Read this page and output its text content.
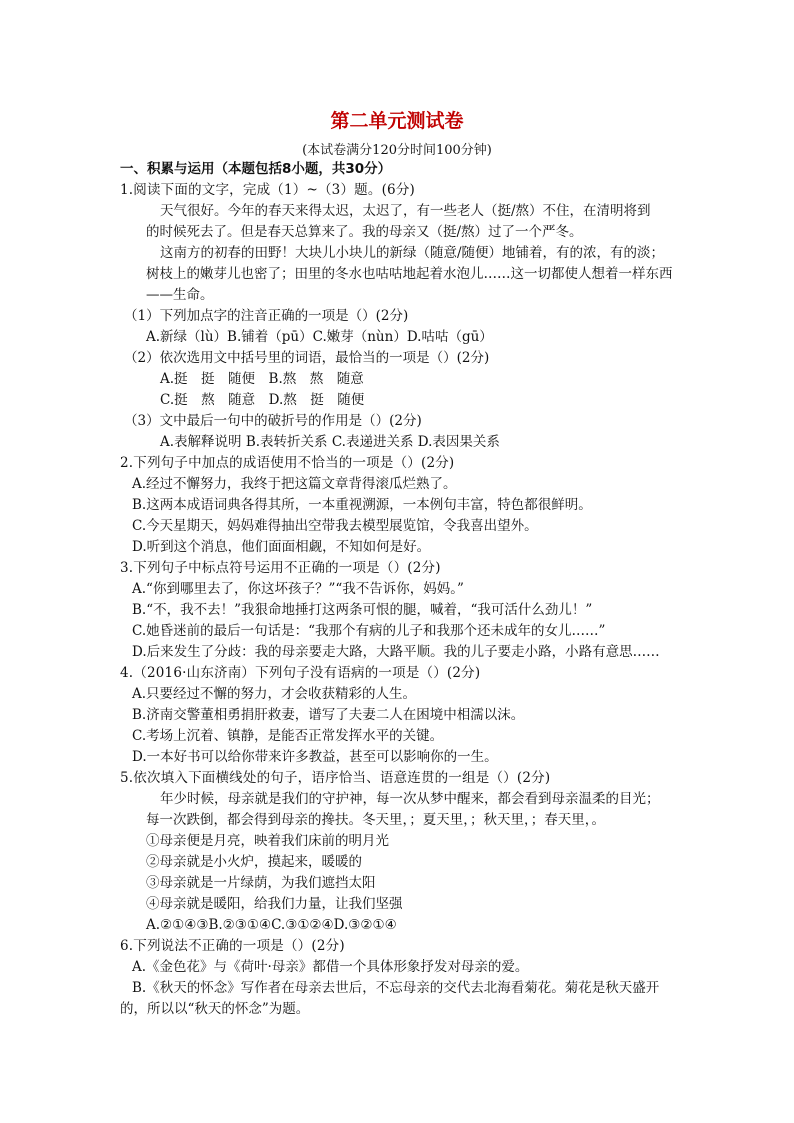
第二单元测试卷
(本试卷满分120分时间100分钟)
一、积累与运用（本题包括8小题，共30分）
1.阅读下面的文字，完成（1）~（3）题。(6分)
天气很好。今年的春天来得太迟，太迟了，有一些老人（挺/熬）不住，在清明将到
的时候死去了。但是春天总算来了。我的母亲又（挺/熬）过了一个严冬。
这南方的初春的田野！大块儿小块儿的新绿（随意/随便）地铺着，有的浓，有的淡；
树枝上的嫩芽儿也密了；田里的冬水也咕咕地起着水泡儿……这一切都使人想着一样东西
——生命。
（1）下列加点字的注音正确的一项是（）(2分)
A.新绿（lù）B.铺着（pū）C.嫩芽（nùn）D.咕咕（gū）
（2）依次选用文中括号里的词语，最恰当的一项是（）(2分)
A.挺　挺　随便　B.熬　熬　随意
C.挺　熬　随意　D.熬　挺　随便
（3）文中最后一句中的破折号的作用是（）(2分)
A.表解释说明 B.表转折关系 C.表递进关系 D.表因果关系
2.下列句子中加点的成语使用不恰当的一项是（）(2分)
A.经过不懈努力，我终于把这篇文章背得滚瓜烂熟了。
B.这两本成语词典各得其所，一本重视溯源，一本例句丰富，特色都很鲜明。
C.今天星期天，妈妈难得抽出空带我去模型展览馆，令我喜出望外。
D.听到这个消息，他们面面相觑，不知如何是好。
3.下列句子中标点符号运用不正确的一项是（）(2分)
A.“你到哪里去了，你这坏孩子？”“我不告诉你，妈妈。”
B.“不，我不去！”我狠命地捶打这两条可恨的腿，喊着，“我可活什么劲儿！”
C.她昏迷前的最后一句话是：“我那个有病的儿子和我那个还未成年的女儿……”
D.后来发生了分歧：我的母亲要走大路，大路平顺。我的儿子要走小路，小路有意思……
4.（2016·山东济南）下列句子没有语病的一项是（）(2分)
A.只要经过不懈的努力，才会收获精彩的人生。
B.济南交警董相勇捐肝救妻，谱写了夫妻二人在困境中相濡以沫。
C.考场上沉着、镇静，是能否正常发挥水平的关键。
D.一本好书可以给你带来许多教益，甚至可以影响你的一生。
5.依次填入下面横线处的句子，语序恰当、语意连贯的一组是（）(2分)
年少时候，母亲就是我们的守护神，每一次从梦中醒来，都会看到母亲温柔的目光；
每一次跌倒，都会得到母亲的搀扶。冬天里，；夏天里，；秋天里，；春天里，。
①母亲便是月亮，映着我们床前的明月光
②母亲就是小火炉，摸起来，暖暖的
③母亲就是一片绿荫，为我们遮挡太阳
④母亲就是暖阳，给我们力量，让我们坚强
A.②①④③B.②③①④C.③①②④D.③②①④
6.下列说法不正确的一项是（）(2分)
A.《金色花》与《荷叶·母亲》都借一个具体形象抒发对母亲的爱。
B.《秋天的怀念》写作者在母亲去世后，不忘母亲的交代去北海看菊花。菊花是秋天盛开
的，所以以“秋天的怀念”为题。
